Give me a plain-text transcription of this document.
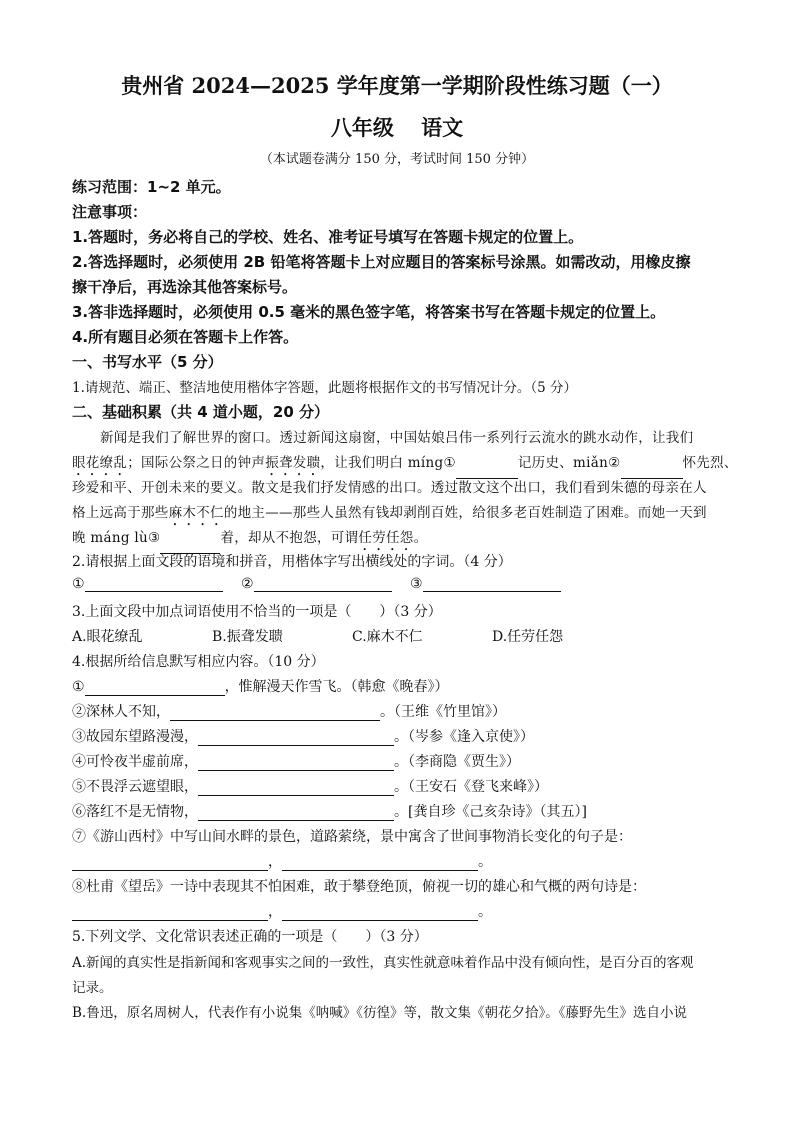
贵州省 2024—2025 学年度第一学期阶段性练习题（一）
八年级 语文
（本试题卷满分 150 分，考试时间 150 分钟）
练习范围：1~2 单元。
注意事项：
1.答题时，务必将自己的学校、姓名、准考证号填写在答题卡规定的位置上。
2.答选择题时，必须使用 2B 铅笔将答题卡上对应题目的答案标号涂黑。如需改动，用橡皮擦
擦干净后，再选涂其他答案标号。
3.答非选择题时，必须使用 0.5 毫米的黑色签字笔，将答案书写在答题卡规定的位置上。
4.所有题目必须在答题卡上作答。
一、书写水平（5 分）
1.请规范、端正、整洁地使用楷体字答题，此题将根据作文的书写情况计分。（5 分）
二、基础积累（共 4 道小题，20 分）
新闻是我们了解世界的窗口。透过新闻这扇窗，中国姑娘吕伟一系列行云流水的跳水动作，让我们
眼花缭乱；国际公祭之日的钟声振聋发聩，让我们明白 míng①	记历史、miǎn②	怀先烈、
珍爱和平、开创未来的要义。散文是我们抒发情感的出口。透过散文这个出口，我们看到朱德的母亲在人
格上远高于那些麻木不仁的地主——那些人虽然有钱却剥削百姓，给很多老百姓制造了困难。而她一天到
晚 máng lù③	着，却从不抱怨，可谓任劳任怨。
2.请根据上面文段的语境和拼音，用楷体字写出横线处的字词。（4 分）
①	②	③
3.上面文段中加点词语使用不恰当的一项是（　　）（3 分）
A.眼花缭乱	B.振聋发聩	C.麻木不仁	D.任劳任怨
4.根据所给信息默写相应内容。（10 分）
①	，惟解漫天作雪飞。（韩愈《晚春》）
②深林人不知，	。（王维《竹里馆》）
③故园东望路漫漫，	。（岑参《逢入京使》）
④可怜夜半虚前席，	。（李商隐《贾生》）
⑤不畏浮云遮望眼，	。（王安石《登飞来峰》）
⑥落红不是无情物，	。[龚自珍《己亥杂诗》（其五）]
⑦《游山西村》中写山间水畔的景色，道路萦绕，景中寓含了世间事物消长变化的句子是：
，	。
⑧杜甫《望岳》一诗中表现其不怕困难，敢于攀登绝顶，俯视一切的雄心和气概的两句诗是：
，	。
5.下列文学、文化常识表述正确的一项是（　　）（3 分）
A.新闻的真实性是指新闻和客观事实之间的一致性，真实性就意味着作品中没有倾向性，是百分百的客观
记录。
B.鲁迅，原名周树人，代表作有小说集《呐喊》《彷徨》等，散文集《朝花夕拾》。《藤野先生》选自小说
